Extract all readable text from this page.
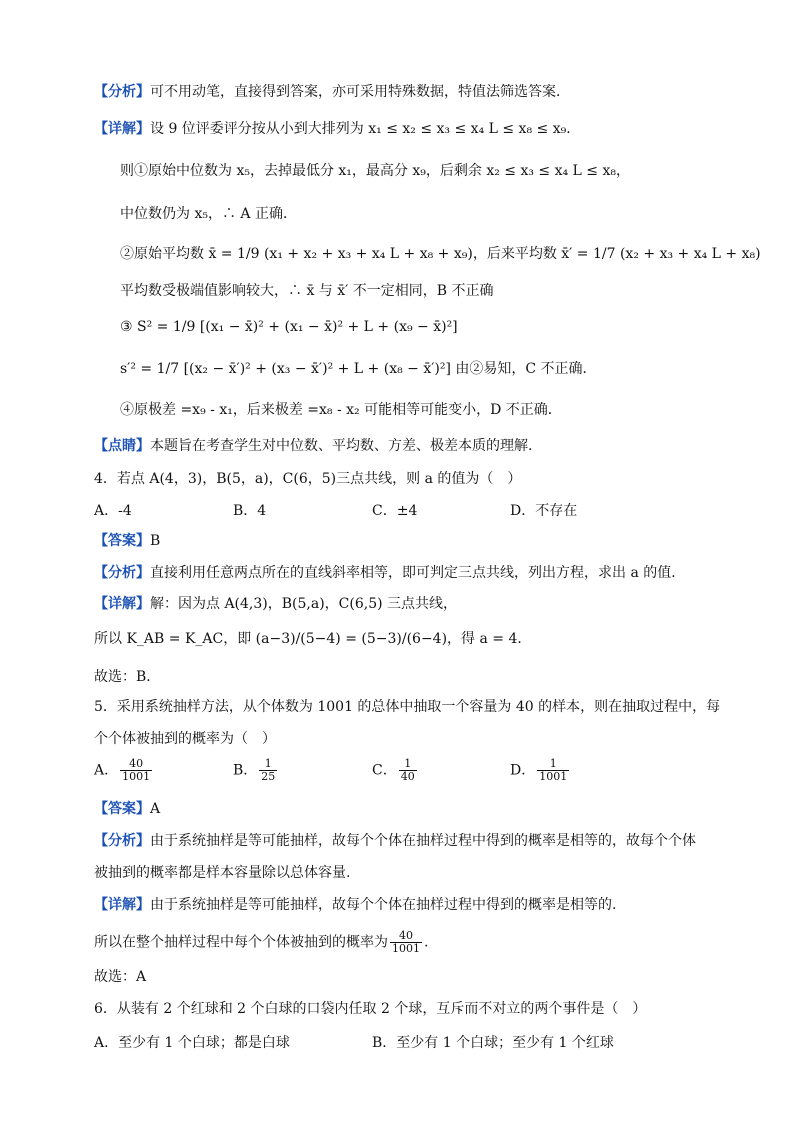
【分析】可不用动笔，直接得到答案，亦可采用特殊数据，特值法筛选答案．
【详解】设 9 位评委评分按从小到大排列为 x₁ ≤ x₂ ≤ x₃ ≤ x₄ L ≤ x₈ ≤ x₉．
则①原始中位数为 x₅，去掉最低分 x₁，最高分 x₉，后剩余 x₂ ≤ x₃ ≤ x₄ L ≤ x₈，
中位数仍为 x₅，∴ A 正确．
②原始平均数 x̄ = 1/9 (x₁ + x₂ + x₃ + x₄ L + x₈ + x₉)，后来平均数 x̄′ = 1/7 (x₂ + x₃ + x₄ L + x₈)
平均数受极端值影响较大，∴ x̄ 与 x̄′ 不一定相同，B 不正确
③ S² = 1/9 [(x₁ − x̄)² + (x₁ − x̄)² + L + (x₉ − x̄)²]
s′² = 1/7 [(x₂ − x̄′)² + (x₃ − x̄′)² + L + (x₈ − x̄′)²] 由②易知，C 不正确．
④原极差 =x₉ - x₁，后来极差 =x₈ - x₂ 可能相等可能变小，D 不正确．
【点睛】本题旨在考查学生对中位数、平均数、方差、极差本质的理解.
4．若点 A(4，3)，B(5，a)，C(6，5)三点共线，则 a 的值为（　）
A．-4	B．4	C．±4	D．不存在
【答案】B
【分析】直接利用任意两点所在的直线斜率相等，即可判定三点共线，列出方程，求出 a 的值．
【详解】解：因为点 A(4,3)，B(5,a)，C(6,5) 三点共线，
所以 K_AB = K_AC，即 (a−3)/(5−4) = (5−3)/(6−4)，得 a = 4．
故选：B．
5．采用系统抽样方法，从个体数为 1001 的总体中抽取一个容量为 40 的样本，则在抽取过程中，每
个个体被抽到的概率为（　）
A． $\frac{40}{1001}$	B． $\frac{1}{25}$	C． $\frac{1}{40}$	D． $\frac{1}{1001}$
【答案】A
【分析】由于系统抽样是等可能抽样，故每个个体在抽样过程中得到的概率是相等的，故每个个体
被抽到的概率都是样本容量除以总体容量.
【详解】由于系统抽样是等可能抽样，故每个个体在抽样过程中得到的概率是相等的.
所以在整个抽样过程中每个个体被抽到的概率为 $\frac{40}{1001}$ .
故选：A
6．从装有 2 个红球和 2 个白球的口袋内任取 2 个球，互斥而不对立的两个事件是（　）
A．至少有 1 个白球；都是白球	B．至少有 1 个白球；至少有 1 个红球
